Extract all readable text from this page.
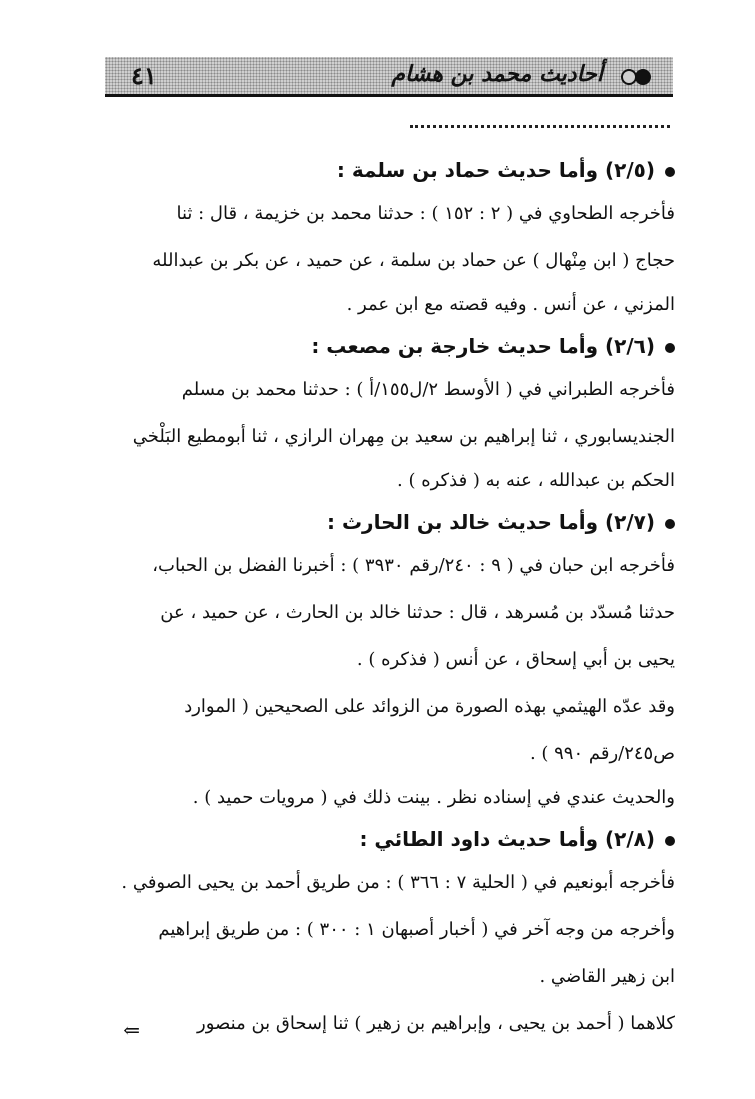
٤١	أحاديث محمد بن هشام
(٢/٥) وأما حديث حماد بن سلمة :
فأخرجه الطحاوي في ( ٢ : ١٥٢ ) : حدثنا محمد بن خزيمة ، قال : ثنا
حجاج ( ابن مِنْهال ) عن حماد بن سلمة ، عن حميد ، عن بكر بن عبدالله
المزني ، عن أنس . وفيه قصته مع ابن عمر .
(٢/٦) وأما حديث خارجة بن مصعب :
فأخرجه الطبراني في ( الأوسط ٢/ل١٥٥/أ ) : حدثنا محمد بن مسلم
الجنديسابوري ، ثنا إبراهيم بن سعيد بن مِهران الرازي ، ثنا أبومطيع البَلْخي
الحكم بن عبدالله ، عنه به ( فذكره ) .
(٢/٧) وأما حديث خالد بن الحارث :
فأخرجه ابن حبان في ( ٩ : ٢٤٠/رقم ٣٩٣٠ ) : أخبرنا الفضل بن الحباب،
حدثنا مُسدّد بن مُسرهد ، قال : حدثنا خالد بن الحارث ، عن حميد ، عن
يحيى بن أبي إسحاق ، عن أنس ( فذكره ) .
وقد عدّه الهيثمي بهذه الصورة من الزوائد على الصحيحين ( الموارد
ص٢٤٥/رقم ٩٩٠ ) .
والحديث عندي في إسناده نظر . بينت ذلك في ( مرويات حميد ) .
(٢/٨) وأما حديث داود الطائي :
فأخرجه أبونعيم في ( الحلية ٧ : ٣٦٦ ) : من طريق أحمد بن يحيى الصوفي .
وأخرجه من وجه آخر في ( أخبار أصبهان ١ : ٣٠٠ ) : من طريق إبراهيم
ابن زهير القاضي .
كلاهما ( أحمد بن يحيى ، وإبراهيم بن زهير ) ثنا إسحاق بن منصور
⇐
